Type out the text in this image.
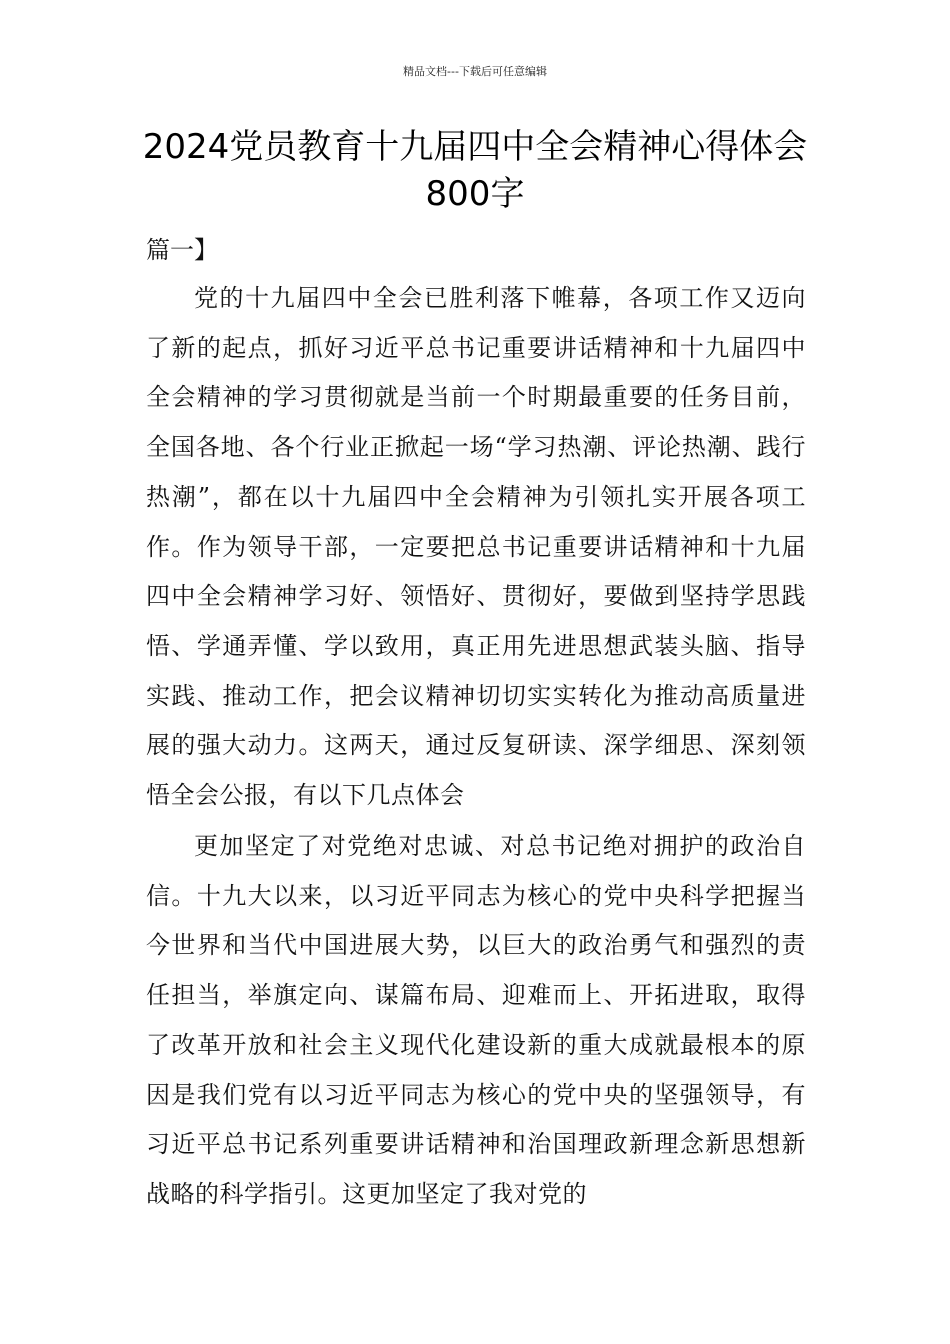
精品文档---下载后可任意编辑
2024党员教育十九届四中全会精神心得体会800字
篇一】

党的十九届四中全会已胜利落下帷幕，各项工作又迈向了新的起点，抓好习近平总书记重要讲话精神和十九届四中全会精神的学习贯彻就是当前一个时期最重要的任务目前，全国各地、各个行业正掀起一场“学习热潮、评论热潮、践行热潮”，都在以十九届四中全会精神为引领扎实开展各项工作。作为领导干部，一定要把总书记重要讲话精神和十九届四中全会精神学习好、领悟好、贯彻好，要做到坚持学思践悟、学通弄懂、学以致用，真正用先进思想武装头脑、指导实践、推动工作，把会议精神切切实实转化为推动高质量进展的强大动力。这两天，通过反复研读、深学细思、深刻领悟全会公报，有以下几点体会

更加坚定了对党绝对忠诚、对总书记绝对拥护的政治自信。十九大以来，以习近平同志为核心的党中央科学把握当今世界和当代中国进展大势，以巨大的政治勇气和强烈的责任担当，举旗定向、谋篇布局、迎难而上、开拓进取，取得了改革开放和社会主义现代化建设新的重大成就最根本的原因是我们党有以习近平同志为核心的党中央的坚强领导，有习近平总书记系列重要讲话精神和治国理政新理念新思想新战略的科学指引。这更加坚定了我对党的
